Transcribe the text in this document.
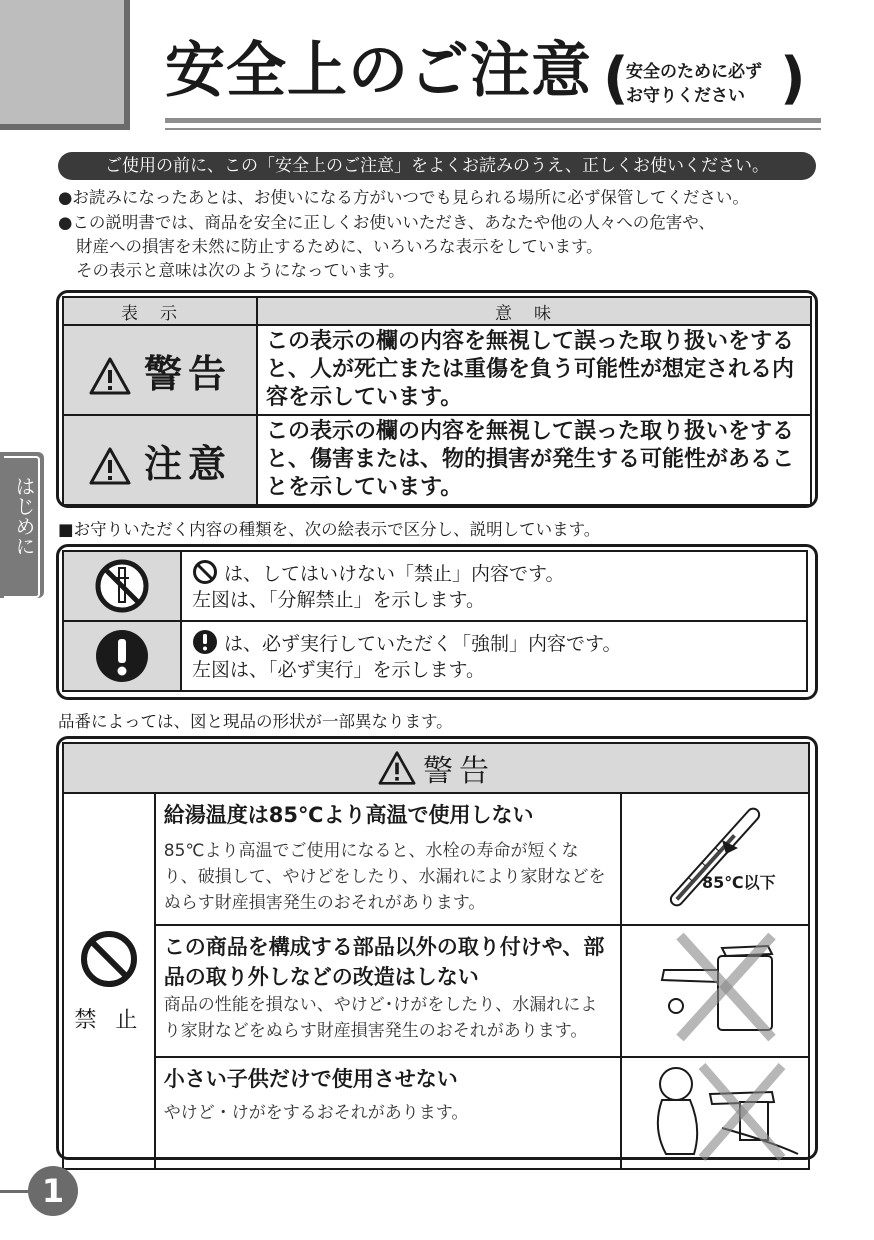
安全上のご注意 (
安全のために必ず
お守りください )
ご使用の前に、この「安全上のご注意」をよくお読みのうえ、正しくお使いください。
●お読みになったあとは、お使いになる方がいつでも見られる場所に必ず保管してください。
●この説明書では、商品を安全に正しくお使いいただき、あなたや他の人々への危害や、
財産への損害を未然に防止するために、いろいろな表示をしています。
その表示と意味は次のようになっています。
はじめに
表示	意味
警告	この表示の欄の内容を無視して誤った取り扱いをすると、人が死亡または重傷を負う可能性が想定される内容を示しています。
注意	この表示の欄の内容を無視して誤った取り扱いをすると、傷害または、物的損害が発生する可能性があることを示しています。
■お守りいただく内容の種類を、次の絵表示で区分し、説明しています。

は、してはいけない「禁止」内容です。
左図は、「分解禁止」を示します。

は、必ず実行していただく「強制」内容です。
左図は、「必ず実行」を示します。
品番によっては、図と現品の形状が一部異なります。
警告		

禁 止	給湯温度は85℃より高温で使用しない
85℃より高温でご使用になると、水栓の寿命が短くなり、破損して、やけどをしたり、水漏れにより家財などをぬらす財産損害発生のおそれがあります。	85℃以下

	この商品を構成する部品以外の取り付けや、部品の取り外しなどの改造はしない
商品の性能を損ない、やけど･けがをしたり、水漏れにより家財などをぬらす財産損害発生のおそれがあります。

	小さい子供だけで使用させない
やけど・けがをするおそれがあります。

1
